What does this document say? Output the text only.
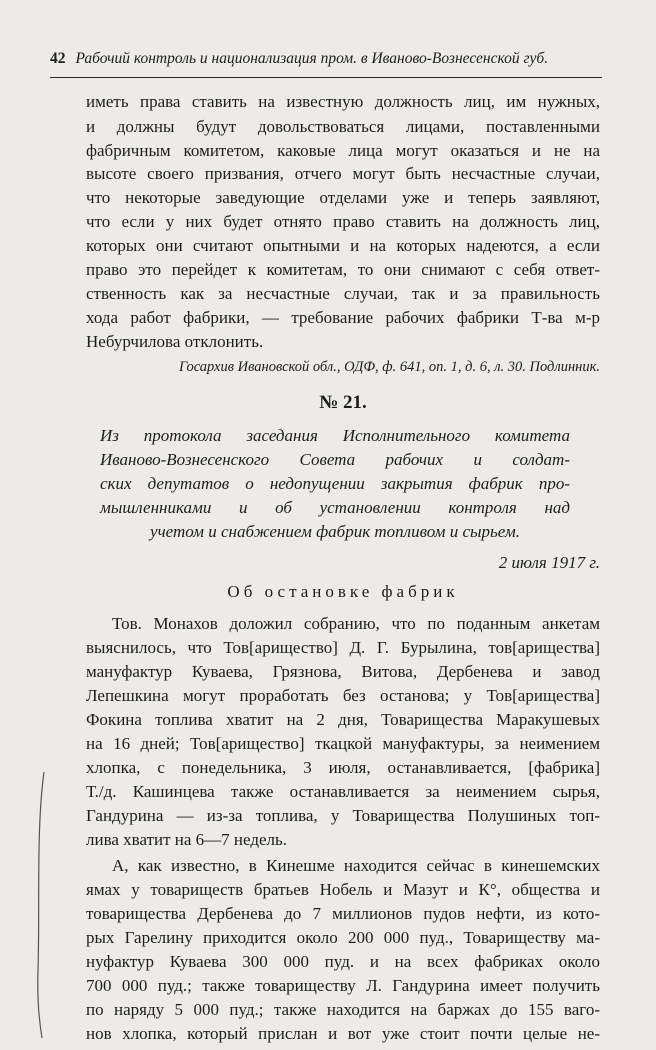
42 Рабочий контроль и национализация пром. в Иваново-Вознесенской губ.
иметь права ставить на известную должность лиц, им нужных,
и должны будут довольствоваться лицами, поставленными
фабричным комитетом, каковые лица могут оказаться и не на
высоте своего призвания, отчего могут быть несчастные случаи,
что некоторые заведующие отделами уже и теперь заявляют,
что если у них будет отнято право ставить на должность лиц,
которых они считают опытными и на которых надеются, а если
право это перейдет к комитетам, то они снимают с себя ответ-
ственность как за несчастные случаи, так и за правильность
хода работ фабрики, — требование рабочих фабрики Т-ва м-р
Небурчилова отклонить.
Госархив Ивановской обл., ОДФ, ф. 641, оп. 1, д. 6, л. 30. Подлинник.
№ 21.
Из протокола заседания Исполнительного комитета
Иваново-Вознесенского Совета рабочих и солдат-
ских депутатов о недопущении закрытия фабрик про-
мышленниками и об установлении контроля над
учетом и снабжением фабрик топливом и сырьем.
2 июля 1917 г.
Об остановке фабрик
Тов. Монахов доложил собранию, что по поданным анкетам
выяснилось, что Тов[арищество] Д. Г. Бурылина, тов[арищества]
мануфактур Куваева, Грязнова, Витова, Дербенева и завод
Лепешкина могут проработать без останова; у Тов[арищества]
Фокина топлива хватит на 2 дня, Товарищества Маракушевых
на 16 дней; Тов[арищество] ткацкой мануфактуры, за неимением
хлопка, с понедельника, 3 июля, останавливается, [фабрика]
Т./д. Кашинцева также останавливается за неимением сырья,
Гандурина — из-за топлива, у Товарищества Полушиных топ-
лива хватит на 6—7 недель.
А, как известно, в Кинешме находится сейчас в кинешемских
ямах у товариществ братьев Нобель и Мазут и К°, общества и
товарищества Дербенева до 7 миллионов пудов нефти, из кото-
рых Гарелину приходится около 200 000 пуд., Товариществу ма-
нуфактур Куваева 300 000 пуд. и на всех фабриках около
700 000 пуд.; также товариществу Л. Гандурина имеет получить
по наряду 5 000 пуд.; также находится на баржах до 155 ваго-
нов хлопка, который прислан и вот уже стоит почти целые не-
